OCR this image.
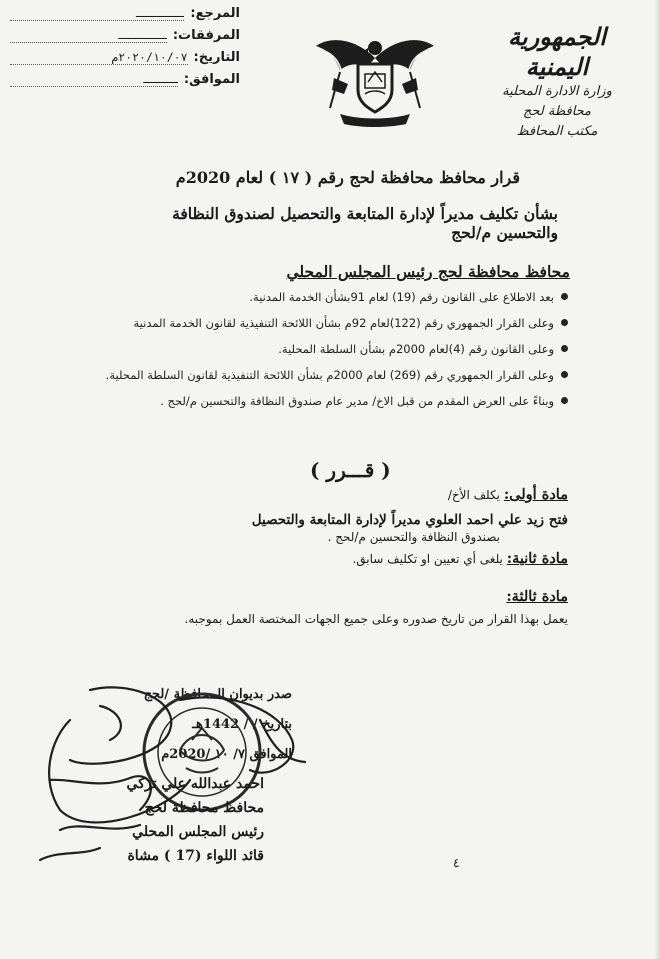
الجمهورية اليمنية
وزارة الادارة المحلية
محافظة لحج
مكتب المحافظ
المرجع:
ـــــــ
المرفقات:
ـــــــ
التاريخ:
٢٠٢٠/١٠/٠٧م
الموافق:
ـــــ
قرار محافظ محافظة لحج رقم ( ١٧ ) لعام 2020م
بشأن تكليف مديراً لإدارة المتابعة والتحصيل لصندوق النظافة والتحسين م/لحج
محافظ محافظة لحج رئيس المجلس المحلي
بعد الاطلاع على القانون رقم (19) لعام 91بشأن الخدمة المدنية.
وعلى القرار الجمهوري رقم (122)لعام 92م بشأن اللائحة التنفيذية لقانون الخدمة المدنية
وعلى القانون رقم (4)لعام 2000م بشأن السلطة المحلية.
وعلى القرار الجمهوري رقم (269) لعام 2000م بشأن اللائحة التنفيذية لقانون السلطة المحلية.
وبناءً على العرض المقدم من قبل الاخ/ مدير عام صندوق النظافة والتحسين م/لحج .
( قـــرر )
مادة أولى: يكلف الأخ/
فتح زيد علي احمد العلوي مديراً لإدارة المتابعة والتحصيل
بصندوق النظافة والتحسين م/لحج .
مادة ثانية: يلغى أي تعيين او تكليف سابق.
مادة ثالثة:
يعمل بهذا القرار من تاريخ صدوره وعلى جميع الجهات المختصة العمل بموجبه.
صدر بديوان المحافظة /لحج
بتاريخ / / 1442هـ
الموافق ٧/ ١٠ /2020م
احمد عبدالله علي تركي
محافظ محافظة لحج
رئيس المجلس المحلي
قائد اللواء (17 ) مشاة	٤
